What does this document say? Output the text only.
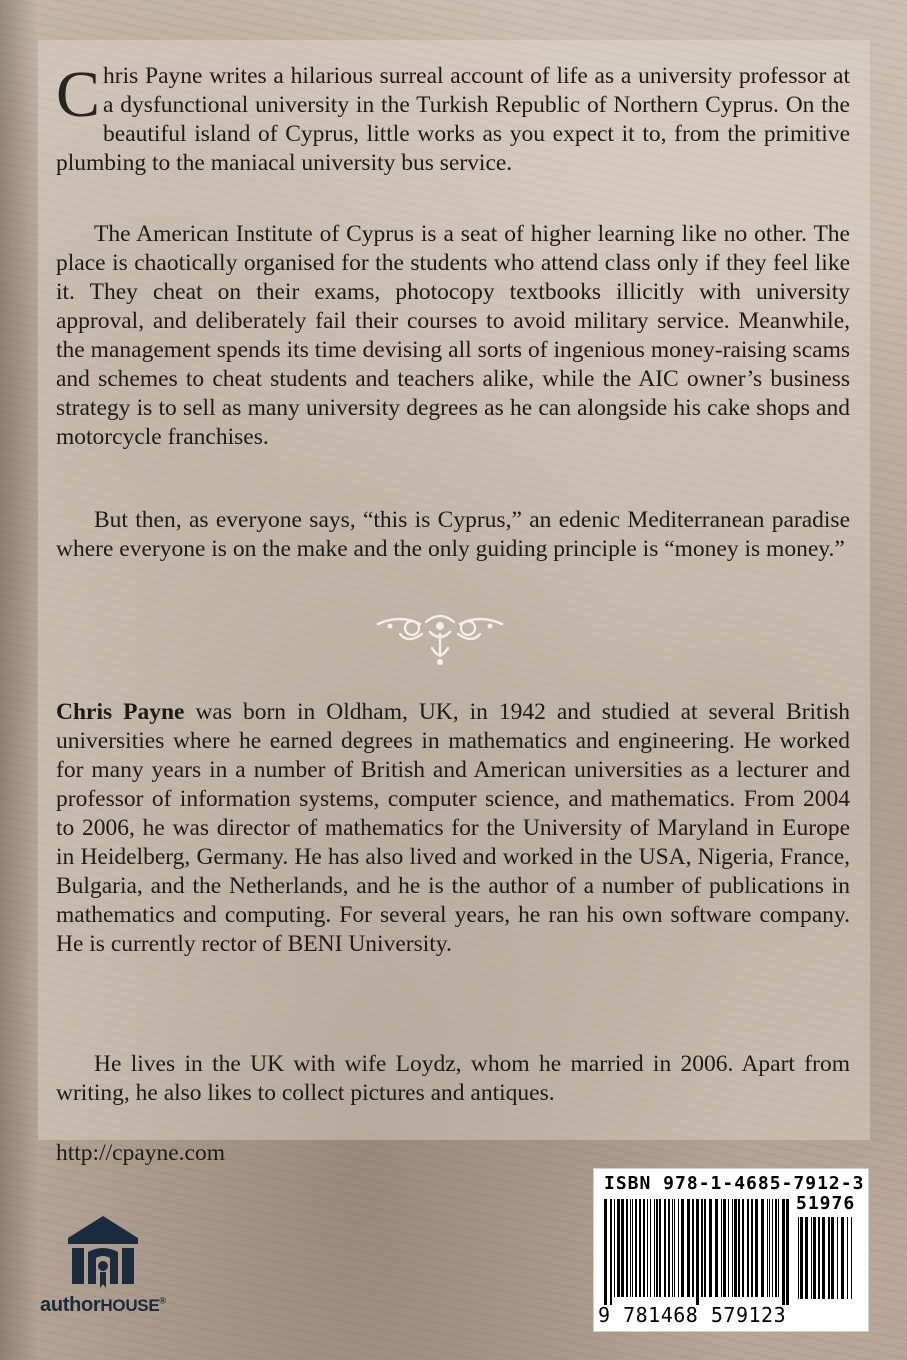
Chris Payne writes a hilarious surreal account of life as a university professor at a dysfunctional university in the Turkish Republic of Northern Cyprus. On the beautiful island of Cyprus, little works as you expect it to, from the primitive plumbing to the maniacal university bus service.

The American Institute of Cyprus is a seat of higher learning like no other. The place is chaotically organised for the students who attend class only if they feel like it. They cheat on their exams, photocopy textbooks illicitly with university approval, and deliberately fail their courses to avoid military service. Meanwhile, the management spends its time devising all sorts of ingenious money-raising scams and schemes to cheat students and teachers alike, while the AIC owner’s business strategy is to sell as many university degrees as he can alongside his cake shops and motorcycle franchises.

But then, as everyone says, “this is Cyprus,” an edenic Mediterranean paradise where everyone is on the make and the only guiding principle is “money is money.”

Chris Payne was born in Oldham, UK, in 1942 and studied at several British universities where he earned degrees in mathematics and engineering. He worked for many years in a number of British and American universities as a lecturer and professor of information systems, computer science, and mathematics. From 2004 to 2006, he was director of mathematics for the University of Maryland in Europe in Heidelberg, Germany. He has also lived and worked in the USA, Nigeria, France, Bulgaria, and the Netherlands, and he is the author of a number of publications in mathematics and computing. For several years, he ran his own software company. He is currently rector of BENI University.

He lives in the UK with wife Loydz, whom he married in 2006. Apart from writing, he also likes to collect pictures and antiques.

http://cpayne.com
ISBN 978-1-4685-7912-3
51976
9 781468 579123
authorHOUSE®
